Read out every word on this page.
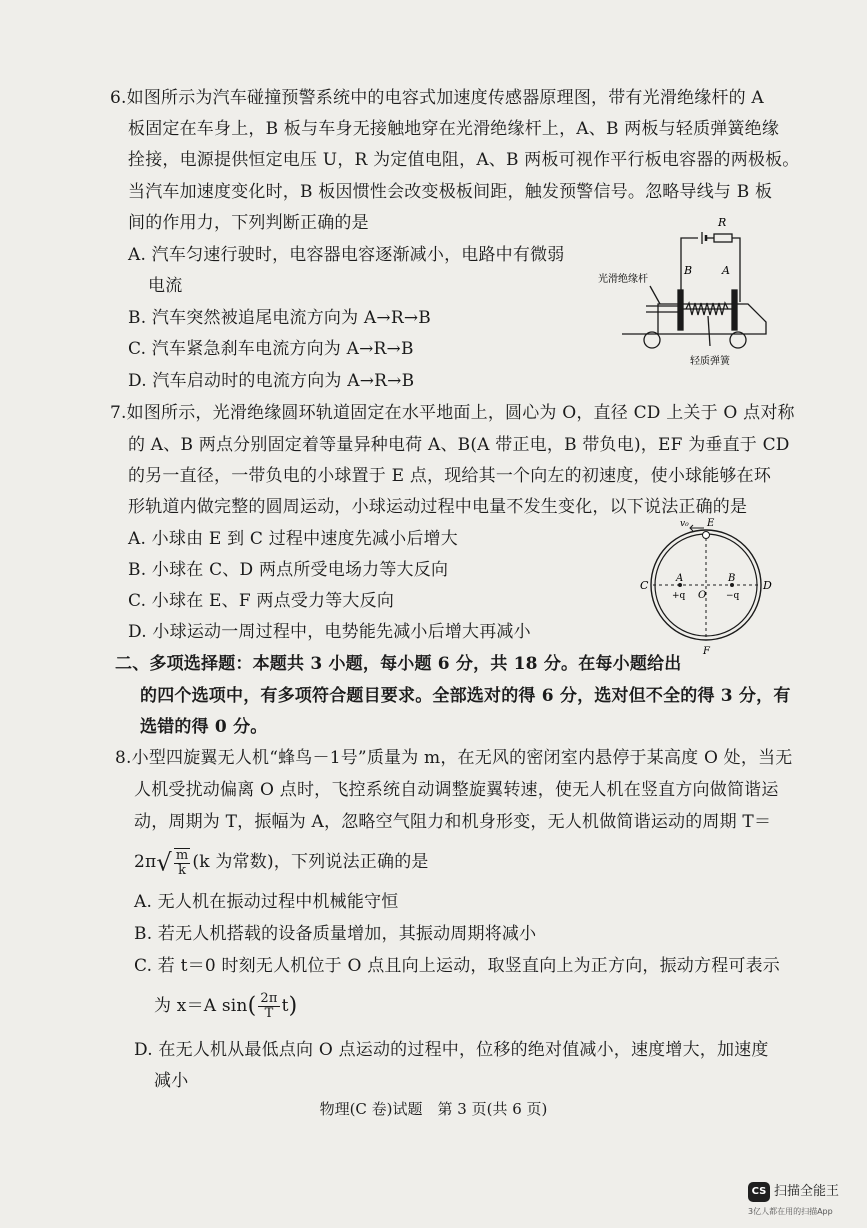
6.如图所示为汽车碰撞预警系统中的电容式加速度传感器原理图，带有光滑绝缘杆的 A
板固定在车身上，B 板与车身无接触地穿在光滑绝缘杆上，A、B 两板与轻质弹簧绝缘
拴接，电源提供恒定电压 U，R 为定值电阻，A、B 两板可视作平行板电容器的两极板。
当汽车加速度变化时，B 板因惯性会改变极板间距，触发预警信号。忽略导线与 B 板
间的作用力，下列判断正确的是
A. 汽车匀速行驶时，电容器电容逐渐减小，电路中有微弱
电流
B. 汽车突然被追尾电流方向为 A→R→B
C. 汽车紧急刹车电流方向为 A→R→B
D. 汽车启动时的电流方向为 A→R→B
R
光滑绝缘杆
B	A
轻质弹簧
7.如图所示，光滑绝缘圆环轨道固定在水平地面上，圆心为 O，直径 CD 上关于 O 点对称
的 A、B 两点分别固定着等量异种电荷 A、B(A 带正电，B 带负电)，EF 为垂直于 CD
的另一直径，一带负电的小球置于 E 点，现给其一个向左的初速度，使小球能够在环
形轨道内做完整的圆周运动，小球运动过程中电量不发生变化，以下说法正确的是
A. 小球由 E 到 C 过程中速度先减小后增大
B. 小球在 C、D 两点所受电场力等大反向
C. 小球在 E、F 两点受力等大反向
D. 小球运动一周过程中，电势能先减小后增大再减小
v₀ E
C	D
F
O
A	B
+q	−q
二、多项选择题：本题共 3 小题，每小题 6 分，共 18 分。在每小题给出
的四个选项中，有多项符合题目要求。全部选对的得 6 分，选对但不全的得 3 分，有
选错的得 0 分。
8.小型四旋翼无人机“蜂鸟－1号”质量为 m，在无风的密闭室内悬停于某高度 O 处，当无
人机受扰动偏离 O 点时，飞控系统自动调整旋翼转速，使无人机在竖直方向做简谐运
动，周期为 T，振幅为 A，忽略空气阻力和机身形变，无人机做简谐运动的周期 T＝
$2\pi√ \frac{m}{k} (k$ 为常数)，下列说法正确的是
A. 无人机在振动过程中机械能守恒
B. 若无人机搭载的设备质量增加，其振动周期将减小
C. 若 t＝0 时刻无人机位于 O 点且向上运动，取竖直向上为正方向，振动方程可表示
为 x＝A $\sin( \frac{2\pi}{T} t)$
D. 在无人机从最低点向 O 点运动的过程中，位移的绝对值减小，速度增大，加速度
减小
物理(C 卷)试题　第 3 页(共 6 页)
CS 扫描全能王
3亿人都在用的扫描App
